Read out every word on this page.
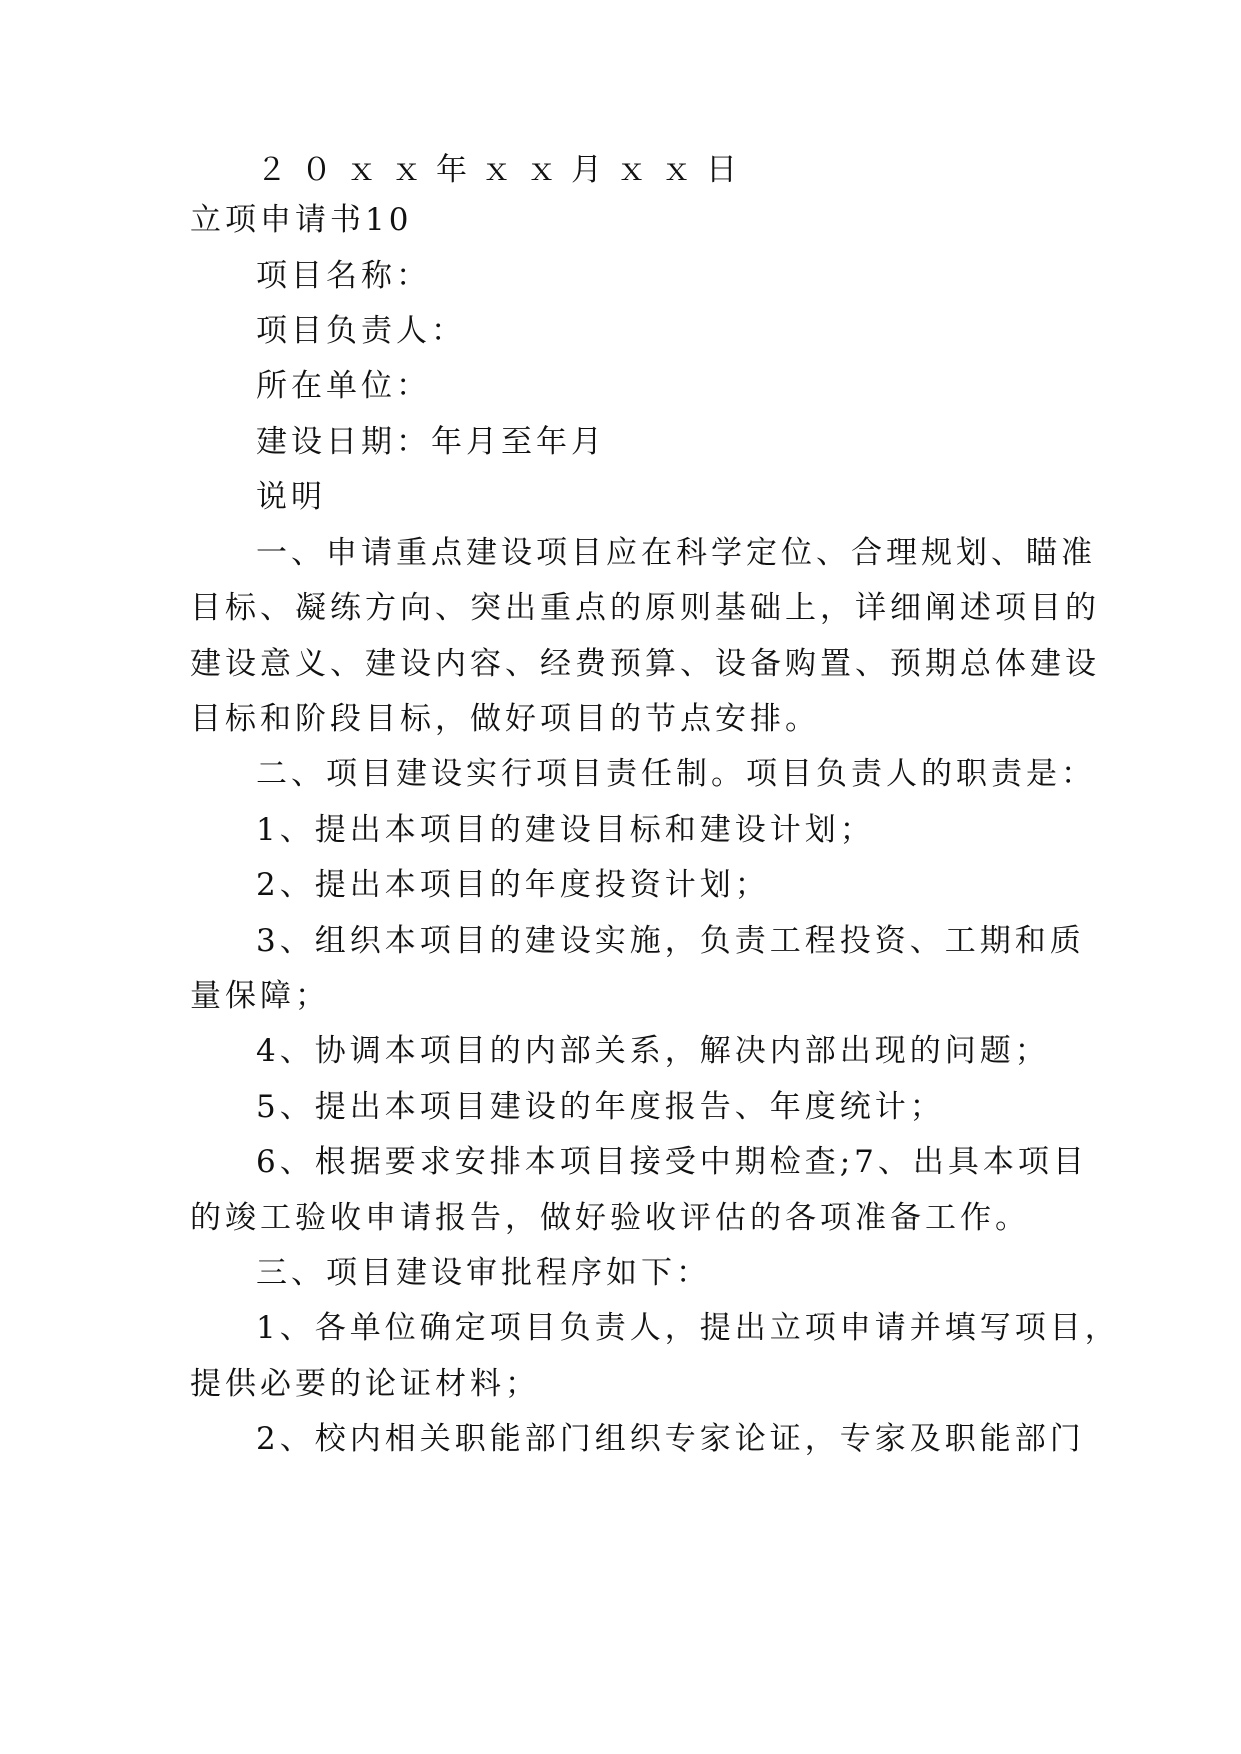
２０ｘｘ年ｘｘ月ｘｘ日
立项申请书10
项目名称：
项目负责人：
所在单位：
建设日期：年月至年月
说明
一、申请重点建设项目应在科学定位、合理规划、瞄准
目标、凝练方向、突出重点的原则基础上，详细阐述项目的
建设意义、建设内容、经费预算、设备购置、预期总体建设
目标和阶段目标，做好项目的节点安排。
二、项目建设实行项目责任制。项目负责人的职责是：
1、提出本项目的建设目标和建设计划；
2、提出本项目的年度投资计划；
3、组织本项目的建设实施，负责工程投资、工期和质
量保障；
4、协调本项目的内部关系，解决内部出现的问题；
5、提出本项目建设的年度报告、年度统计；
6、根据要求安排本项目接受中期检查;7、出具本项目
的竣工验收申请报告，做好验收评估的各项准备工作。
三、项目建设审批程序如下：
1、各单位确定项目负责人，提出立项申请并填写项目，
提供必要的论证材料；
2、校内相关职能部门组织专家论证，专家及职能部门
